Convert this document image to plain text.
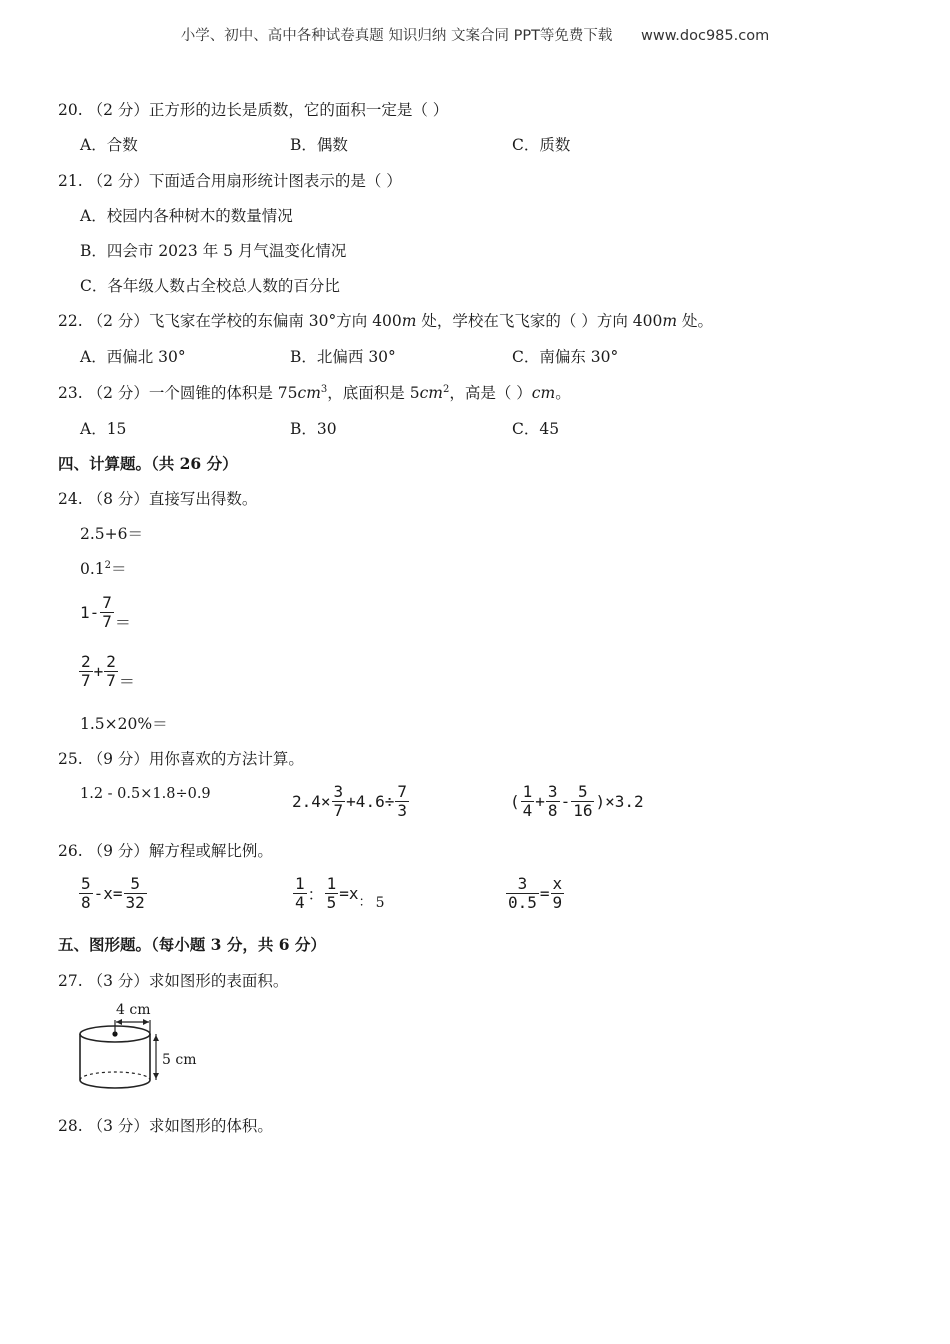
小学、初中、高中各种试卷真题 知识归纳 文案合同 PPT等免费下载 www.doc985.com
20. （2 分）正方形的边长是质数，它的面积一定是（ ）
A．合数	B．偶数	C．质数
21. （2 分）下面适合用扇形统计图表示的是（ ）
A．校园内各种树木的数量情况
B．四会市 2023 年 5 月气温变化情况
C．各年级人数占全校总人数的百分比
22. （2 分）飞飞家在学校的东偏南 30°方向 400m 处，学校在飞飞家的（ ）方向 400m 处。
A．西偏北 30°	B．北偏西 30°	C．南偏东 30°
23. （2 分）一个圆锥的体积是 $75cm^3$，底面积是 $5cm^2$，高是（ ）cm。
A．15	B．30	C．45
四、计算题。（共 26 分）
24. （8 分）直接写出得数。
2.5+6＝
$0.1^2=$
$1- \frac{7}{7}$ ＝
$\frac{2}{7} + \frac{2}{7}$ ＝
1.5×20%＝
25. （9 分）用你喜欢的方法计算。
1.2 - 0.5×1.8÷0.9	$2.4\times \frac{3}{7} +4.6\div \frac{7}{3}$	( $\frac{1}{4} + \frac{3}{8} - \frac{5}{16} )\times 3.2$
26. （9 分）解方程或解比例。
$\frac{5}{8} -x= \frac{5}{32}$	$\frac{1}{4}$ ： $\frac{1}{5} =x$ ： 5	$\frac{3}{0.5} = \frac{x}{9}$
五、图形题。（每小题 3 分，共 6 分）
27. （3 分）求如图形的表面积。
4 cm
5 cm
28. （3 分）求如图形的体积。
